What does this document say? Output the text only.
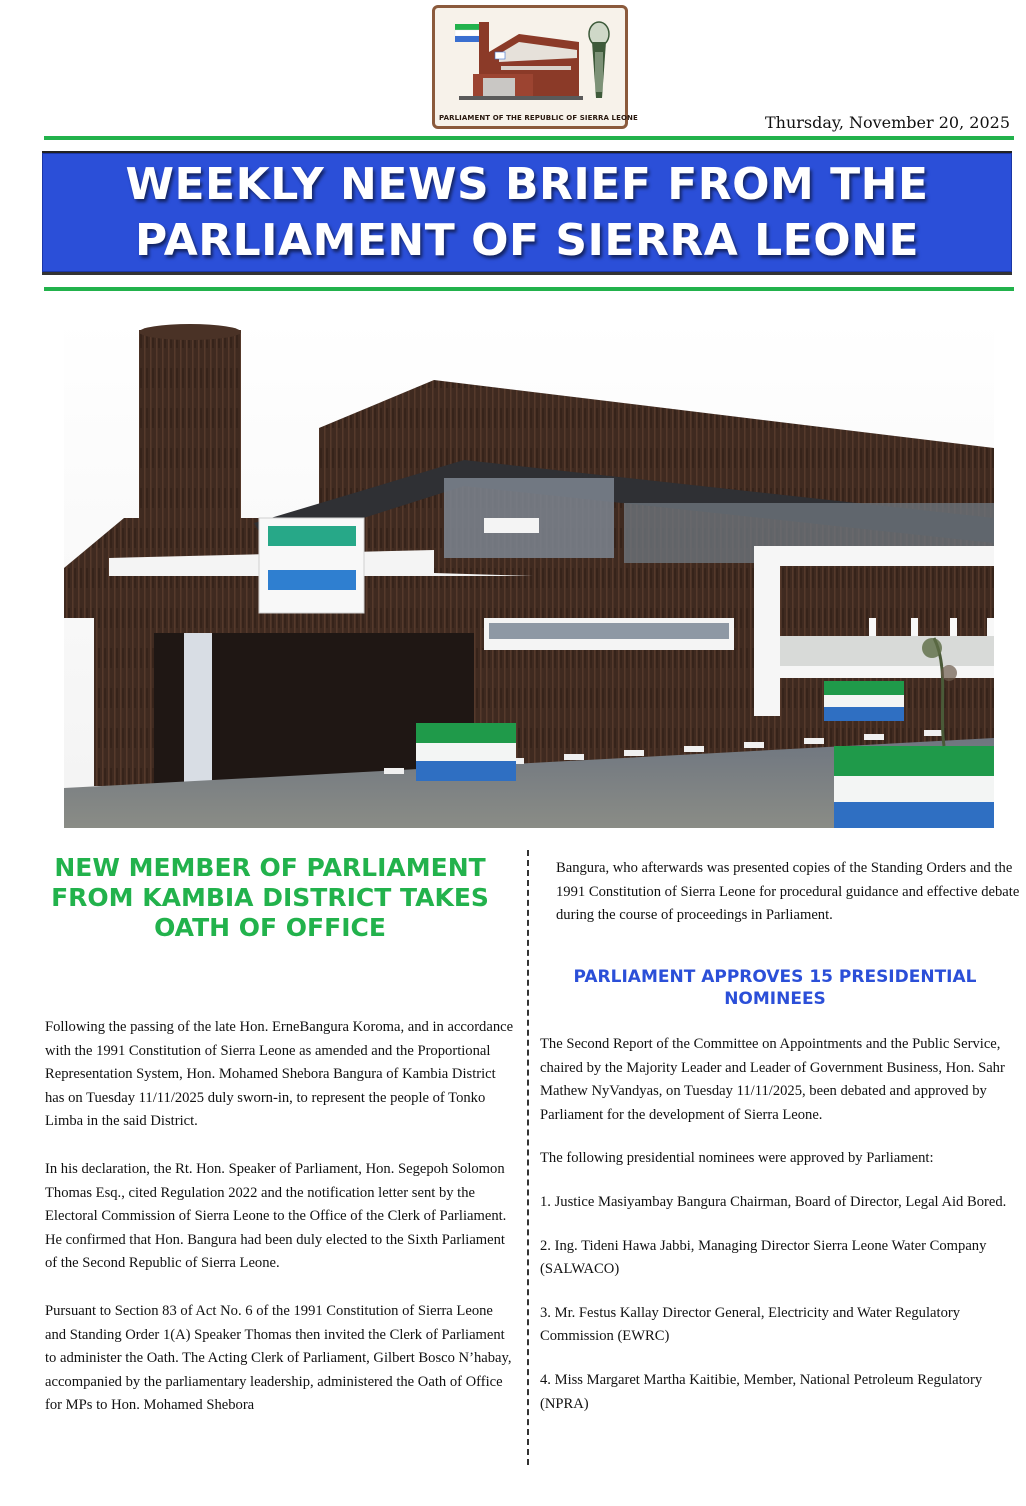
PARLIAMENT OF THE REPUBLIC OF SIERRA LEONE	Thursday, November 20, 2025
WEEKLY NEWS BRIEF FROM THE
PARLIAMENT OF SIERRA LEONE
NEW MEMBER OF PARLIAMENT FROM KAMBIA DISTRICT TAKES OATH OF OFFICE

Following the passing of the late Hon. ErneBangura Koroma, and in accordance with the 1991 Constitution of Sierra Leone as amended and the Proportional Representation System, Hon. Mohamed Shebora Bangura of Kambia District has on Tuesday 11/11/2025 duly sworn-in, to represent the people of Tonko Limba in the said District.

In his declaration, the Rt. Hon. Speaker of Parliament, Hon. Segepoh Solomon Thomas Esq., cited Regulation 2022 and the notification letter sent by the Electoral Commission of Sierra Leone to the Office of the Clerk of Parliament. He confirmed that Hon. Bangura had been duly elected to the Sixth Parliament of the Second Republic of Sierra Leone.

Pursuant to Section 83 of Act No. 6 of the 1991 Constitution of Sierra Leone and Standing Order 1(A) Speaker Thomas then invited the Clerk of Parliament to administer the Oath. The Acting Clerk of Parliament, Gilbert Bosco N’habay, accompanied by the parliamentary leadership, administered the Oath of Office for MPs to Hon. Mohamed Shebora

Bangura, who afterwards was presented copies of the Standing Orders and the 1991 Constitution of Sierra Leone for procedural guidance and effective debate during the course of proceedings in Parliament.
PARLIAMENT APPROVES 15 PRESIDENTIAL NOMINEES

The Second Report of the Committee on Appointments and the Public Service, chaired by the Majority Leader and Leader of Government Business, Hon. Sahr Mathew NyVandyas, on Tuesday 11/11/2025, been debated and approved by Parliament for the development of Sierra Leone.

The following presidential nominees were approved by Parliament:

1. Justice Masiyambay Bangura Chairman, Board of Director, Legal Aid Bored.

2. Ing. Tideni Hawa Jabbi, Managing Director Sierra Leone Water Company (SALWACO)

3. Mr. Festus Kallay Director General, Electricity and Water Regulatory Commission (EWRC)

4. Miss Margaret Martha Kaitibie, Member, National Petroleum Regulatory (NPRA)
